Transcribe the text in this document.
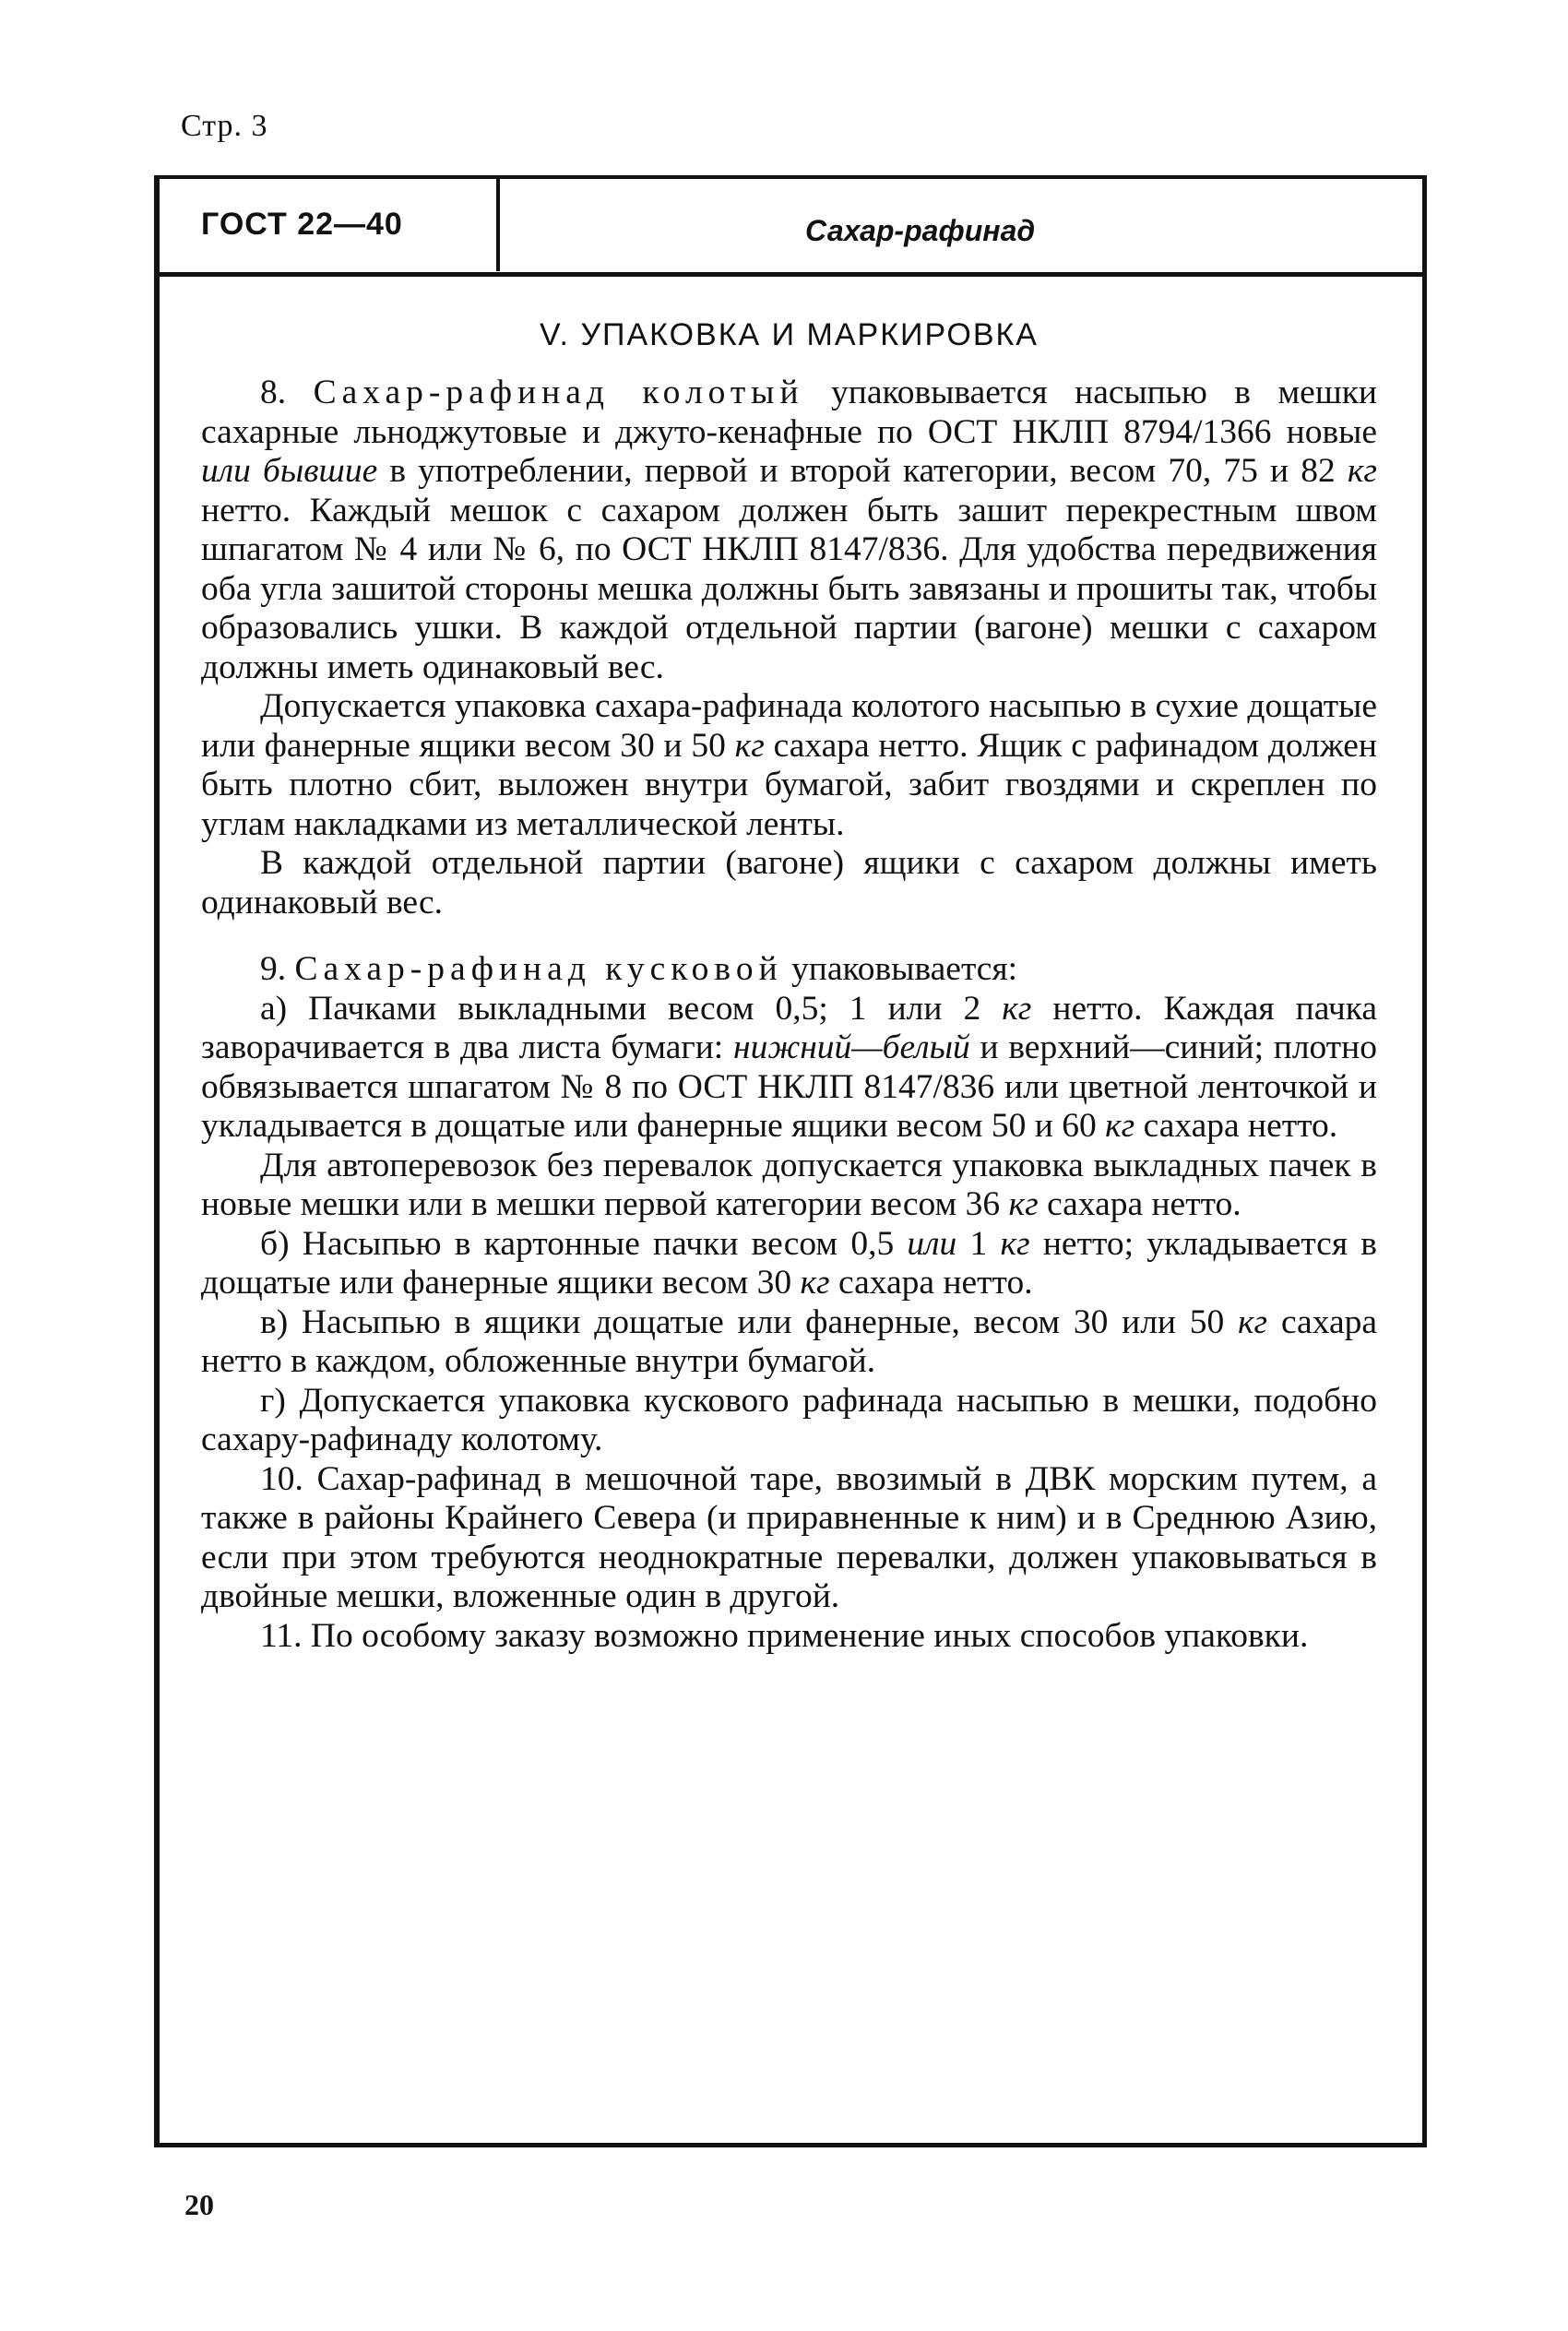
Стр. 3
ГОСТ 22—40	Сахар-рафинад
V. УПАКОВКА И МАРКИРОВКА

8. Сахар-рафинад колотый упаковывается насыпью в мешки сахарные льноджутовые и джуто-кенафные по ОСТ НКЛП 8794/1366 новые или бывшие в употреблении, первой и второй категории, весом 70, 75 и 82 кг нетто. Каждый мешок с сахаром должен быть зашит перекрестным швом шпагатом № 4 или № 6, по ОСТ НКЛП 8147/836. Для удобства передвижения оба угла зашитой стороны мешка должны быть завязаны и прошиты так, чтобы образовались ушки. В каждой отдельной партии (вагоне) мешки с сахаром должны иметь одинаковый вес.

Допускается упаковка сахара-рафинада колотого насыпью в сухие дощатые или фанерные ящики весом 30 и 50 кг сахара нетто. Ящик с рафинадом должен быть плотно сбит, выложен внутри бумагой, забит гвоздями и скреплен по углам накладками из металлической ленты.

В каждой отдельной партии (вагоне) ящики с сахаром должны иметь одинаковый вес.

9. Сахар-рафинад кусковой упаковывается:

а) Пачками выкладными весом 0,5; 1 или 2 кг нетто. Каждая пачка заворачивается в два листа бумаги: нижний—белый и верхний—синий; плотно обвязывается шпагатом № 8 по ОСТ НКЛП 8147/836 или цветной ленточкой и укладывается в дощатые или фанерные ящики весом 50 и 60 кг сахара нетто.

Для автоперевозок без перевалок допускается упаковка выкладных пачек в новые мешки или в мешки первой категории весом 36 кг сахара нетто.

б) Насыпью в картонные пачки весом 0,5 или 1 кг нетто; укладывается в дощатые или фанерные ящики весом 30 кг сахара нетто.

в) Насыпью в ящики дощатые или фанерные, весом 30 или 50 кг сахара нетто в каждом, обложенные внутри бумагой.

г) Допускается упаковка кускового рафинада насыпью в мешки, подобно сахару-рафинаду колотому.

10. Сахар-рафинад в мешочной таре, ввозимый в ДВК морским путем, а также в районы Крайнего Севера (и приравненные к ним) и в Среднюю Азию, если при этом требуются неоднократные перевалки, должен упаковываться в двойные мешки, вложенные один в другой.

11. По особому заказу возможно применение иных способов упаковки.

20
